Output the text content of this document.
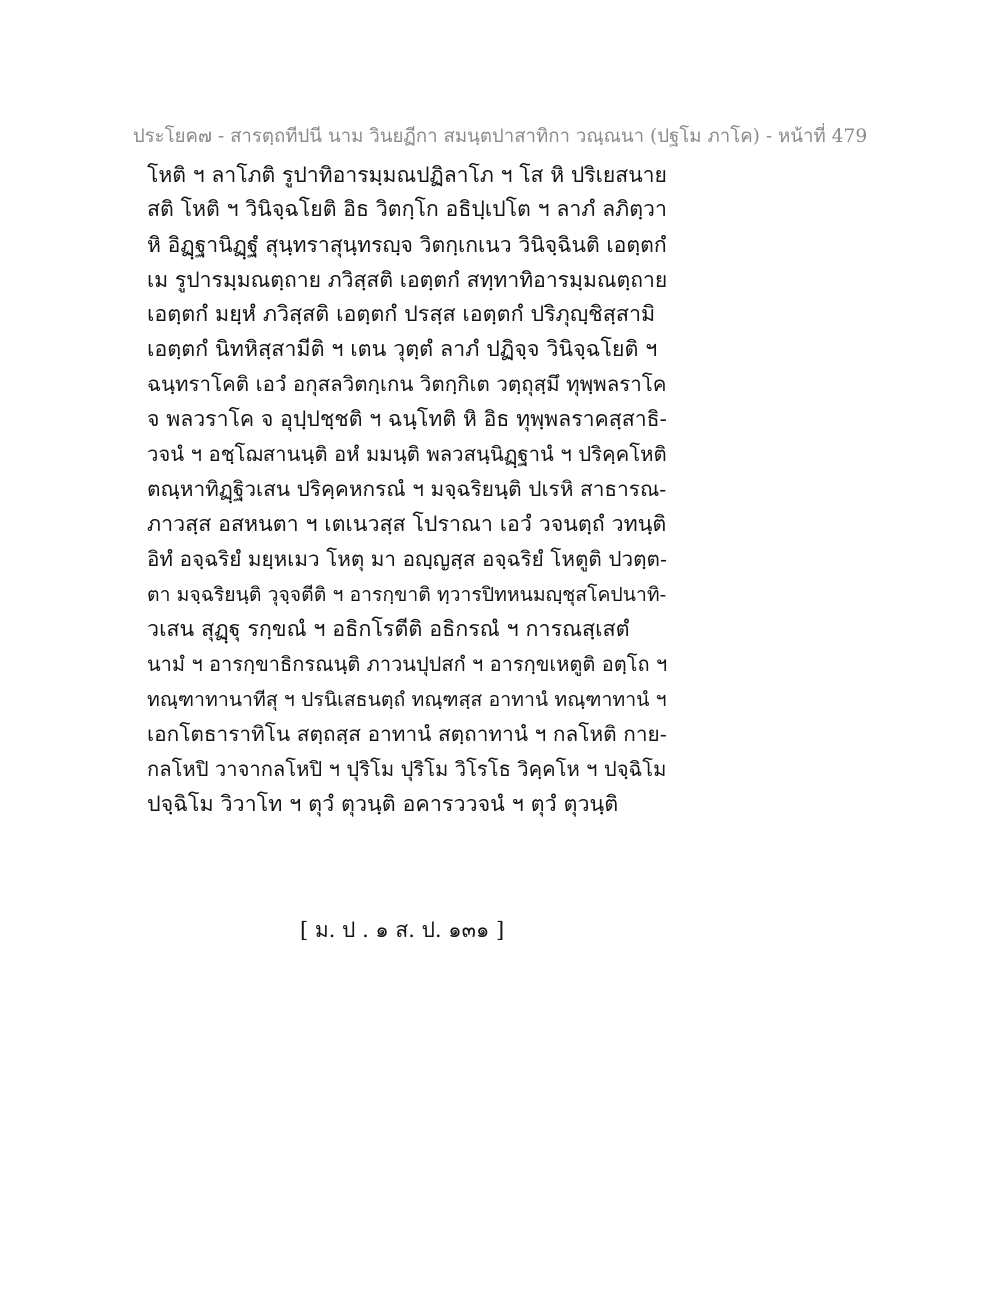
ประโยค๗ - สารตฺถทีปนี นาม วินยฏีกา สมนฺตปาสาทิกา วณฺณนา (ปฐโม ภาโค) - หน้าที่ 479
โหติ ฯ ลาโภติ รูปาทิอารมฺมณปฏิลาโภ ฯ โส หิ ปริเยสนาย
สติ โหติ ฯ วินิจฺฉโยติ อิธ วิตกฺโก อธิปฺเปโต ฯ ลาภํ ลภิตฺวา
หิ อิฏฺฐานิฏฺฐํ สุนฺทราสุนฺทรญฺจ วิตกฺเกเนว วินิจฺฉินติ เอตฺตกํ
เม รูปารมฺมณตฺถาย ภวิสฺสติ เอตฺตกํ สทฺทาทิอารมฺมณตฺถาย
เอตฺตกํ มยฺหํ ภวิสฺสติ เอตฺตกํ ปรสฺส เอตฺตกํ ปริภุญฺชิสฺสามิ
เอตฺตกํ นิทหิสฺสามีติ ฯ เตน วุตฺตํ ลาภํ ปฏิจฺจ วินิจฺฉโยติ ฯ
ฉนฺทราโคติ เอวํ อกุสลวิตกฺเกน วิตกฺกิเต วตฺถุสฺมึ ทุพฺพลราโค
จ พลวราโค จ อุปฺปชฺชติ ฯ ฉนฺโทติ หิ อิธ ทุพฺพลราคสฺสาธิ-
วจนํ ฯ อชฺโฌสานนฺติ อหํ มมนฺติ พลวสนฺนิฏฺฐานํ ฯ ปริคฺคโหติ
ตณฺหาทิฏฺฐิวเสน ปริคฺคหกรณํ ฯ มจฺฉริยนฺติ ปเรหิ สาธารณ-
ภาวสฺส อสหนตา ฯ เตเนวสฺส โปราณา เอวํ วจนตฺถํ วทนฺติ
อิทํ อจฺฉริยํ มยฺหเมว โหตุ มา อญฺญสฺส อจฺฉริยํ โหตูติ ปวตฺต-
ตา มจฺฉริยนฺติ วุจฺจตีติ ฯ อารกฺขาติ ทฺวารปิทหนมญฺชุสโคปนาทิ-
วเสน สุฏฺฐุ รกฺขณํ ฯ อธิกโรตีติ อธิกรณํ ฯ การณสฺเสตํ
นามํ ฯ อารกฺขาธิกรณนฺติ ภาวนปุปสกํ ฯ อารกฺขเหตูติ อตฺโถ ฯ
ทณฺฑาทานาทีสุ ฯ ปรนิเสธนตฺถํ ทณฺฑสฺส อาทานํ ทณฺฑาทานํ ฯ
เอกโตธาราทิโน สตฺถสฺส อาทานํ สตฺถาทานํ ฯ กลโหติ กาย-
กลโหปิ วาจากลโหปิ ฯ ปุริโม ปุริโม วิโรโธ วิคฺคโห ฯ ปจฺฉิโม
ปจฺฉิโม วิวาโท ฯ ตุวํ ตุวนฺติ อคารววจนํ ฯ ตุวํ ตุวนฺติ
[ ม. ป . ๑ ส. ป. ๑๓๑ ]
